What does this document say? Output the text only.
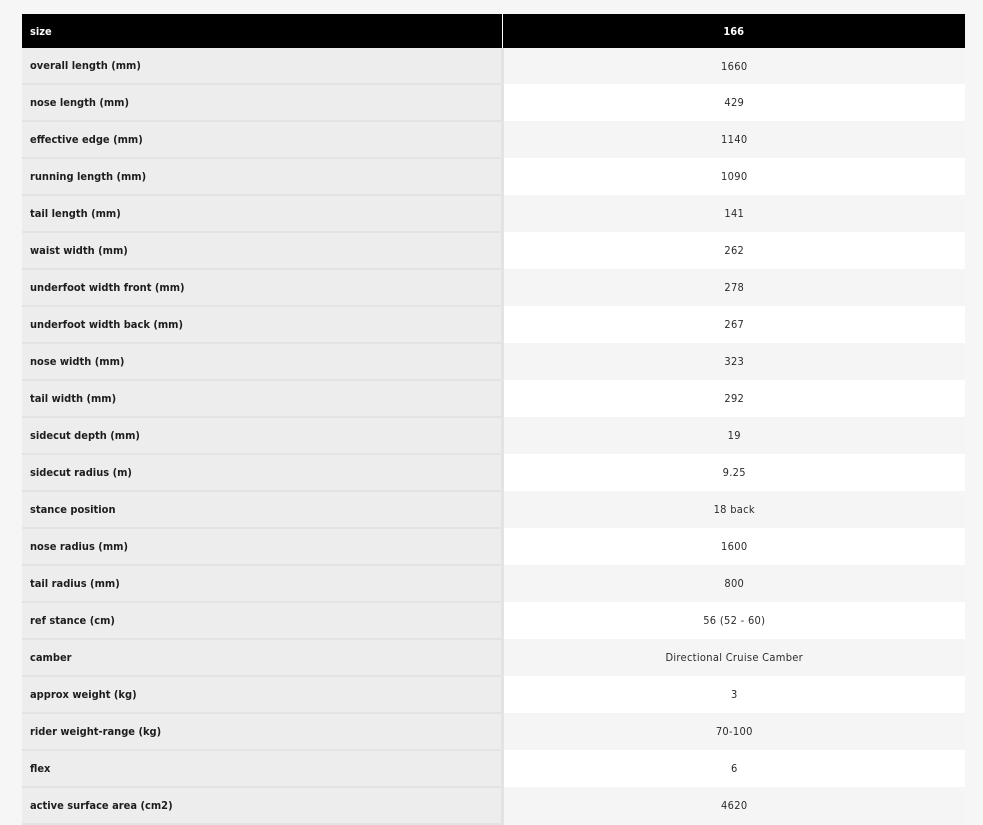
size	166
overall length (mm)	1660
nose length (mm)	429
effective edge (mm)	1140
running length (mm)	1090
tail length (mm)	141
waist width (mm)	262
underfoot width front (mm)	278
underfoot width back (mm)	267
nose width (mm)	323
tail width (mm)	292
sidecut depth (mm)	19
sidecut radius (m)	9.25
stance position	18 back
nose radius (mm)	1600
tail radius (mm)	800
ref stance (cm)	56 (52 - 60)
camber	Directional Cruise Camber
approx weight (kg)	3
rider weight-range (kg)	70-100
flex	6
active surface area (cm2)	4620
